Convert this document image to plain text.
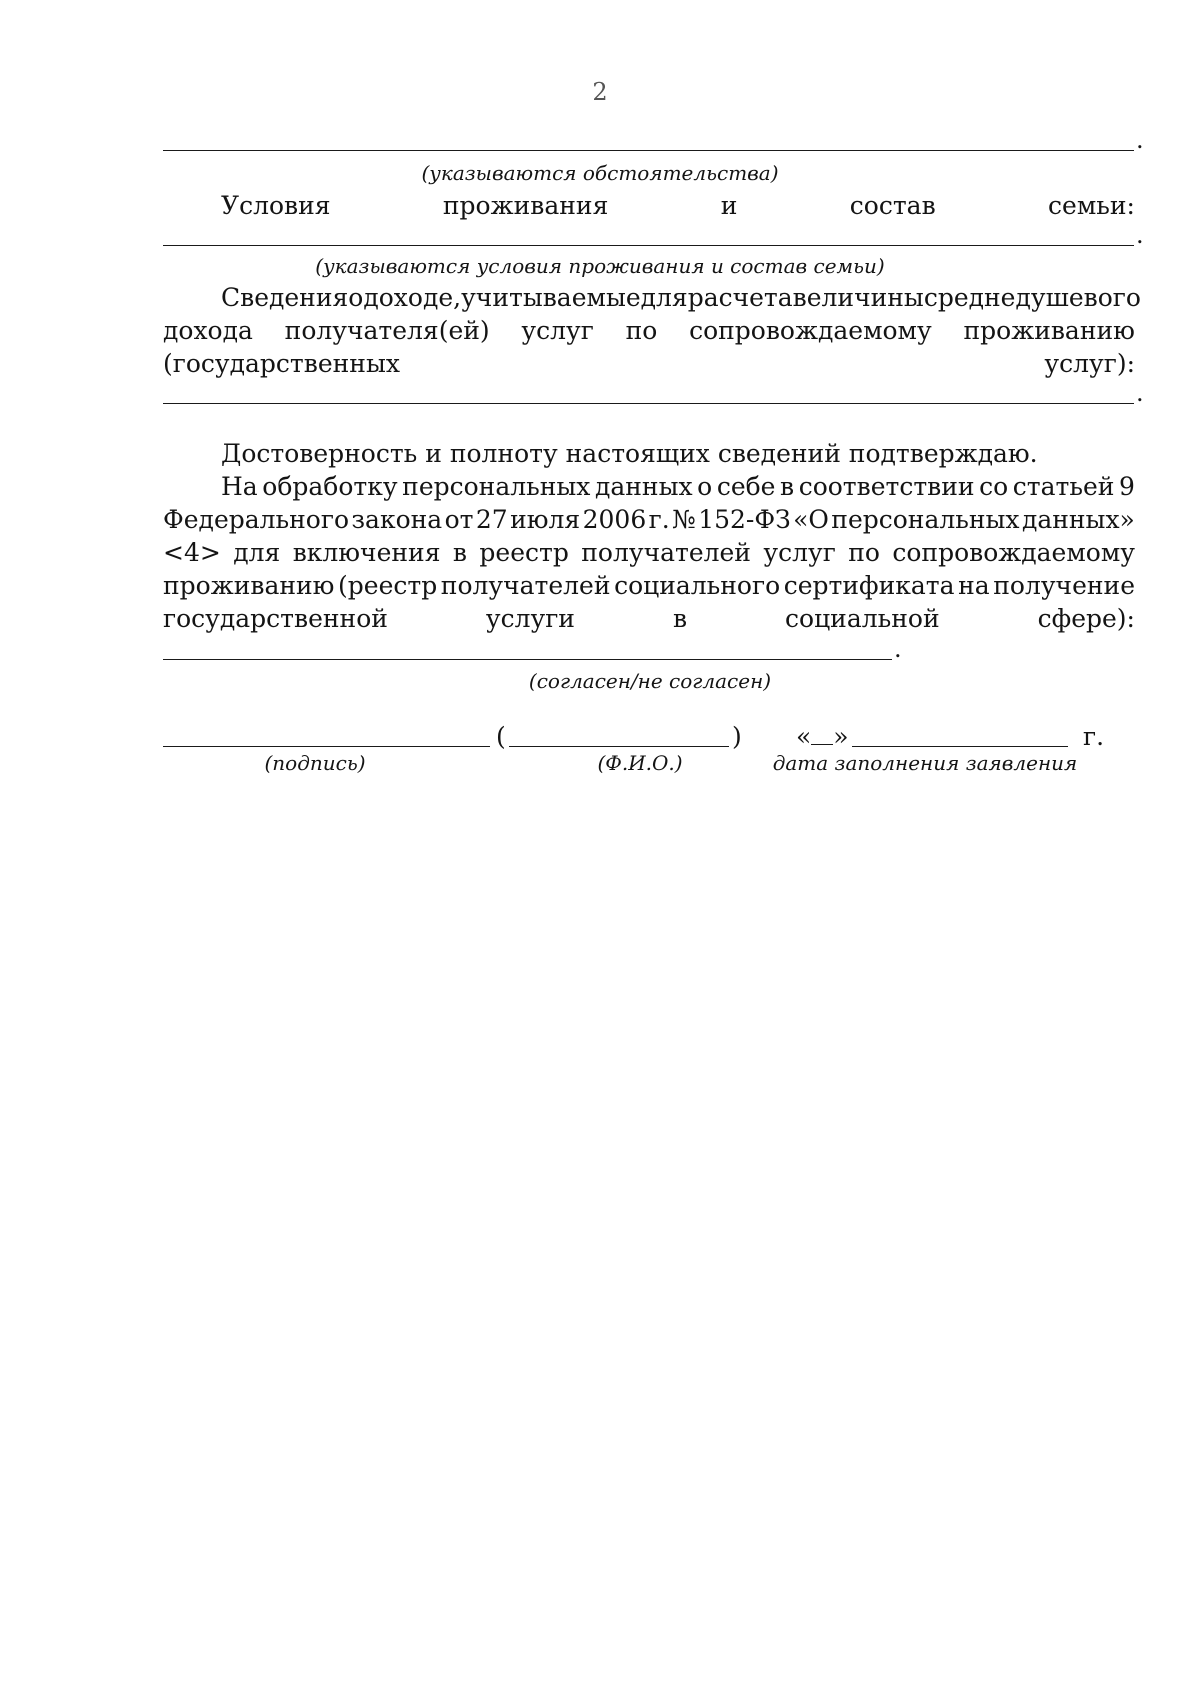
2
.
(указываются обстоятельства)
Условия	проживания	и	состав	семьи:
.
(указываются условия проживания и состав семьи)
Сведения о доходе, учитываемые для расчета величины среднедушевого
дохода получателя(ей) услуг по сопровождаемому проживанию
(государственных	услуг):
.
Достоверность и полноту настоящих сведений подтверждаю.
На обработку персональных данных о себе в соответствии со статьей 9
Федерального закона от 27 июля 2006 г. № 152-ФЗ «О персональных данных»
<4> для включения в реестр получателей услуг по сопровождаемому
проживанию (реестр получателей социального сертификата на получение
государственной	услуги	в	социальной	сфере):
.
(согласен/не согласен)
(	) « »	г.
(подпись)	(Ф.И.О.)	дата заполнения заявления
